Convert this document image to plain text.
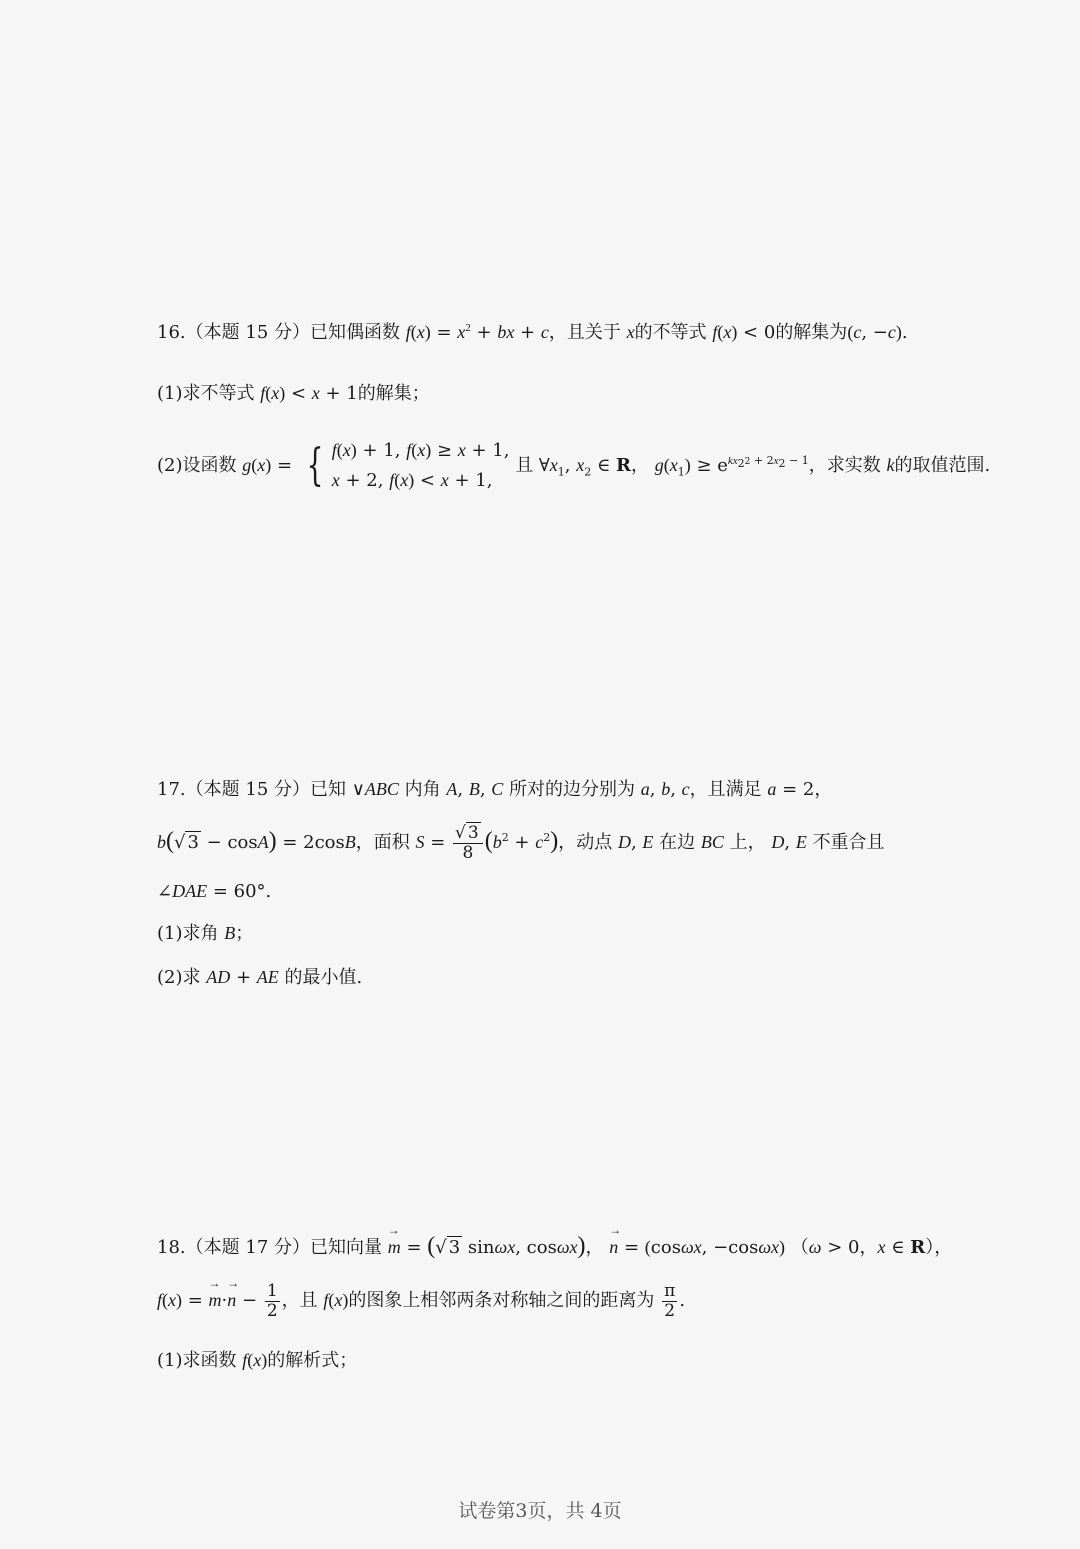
16.（本题 15 分）已知偶函数 $f(x) = x^2$ + bx + c，且关于 x的不等式 f(x) < 0的解集为(c, −c).
(1)求不等式 f(x) < x + 1的解集；
(2)设函数 g(x) = { f(x) + 1, f(x) ≥ x + 1,
x + 2, f(x) < x + 1,
且 $\forall x_1$, $x_2$ ∈ R， $g(x_1) \ge e^{kx_22 + 2x_2 - 1}$，求实数 k的取值范围.
17.（本题 15 分）已知 ∨ABC 内角 A, B, C 所对的边分别为 a, b, c，且满足 a = 2，
b(√ 3 − cosA) = 2cosB，面积 $S = \frac{√ 3}{8} (b^2 + c^2)$，动点 D, E 在边 BC 上， D, E 不重合且
∠DAE = 60°.
(1)求角 B；
(2)求 AD + AE 的最小值.
18.（本题 17 分）已知向量 → m = (√ 3 sinωx, cosωx)， → n = (cosωx, −cosωx) （ω > 0，x ∈ R），
f(x) = → $m\cdot\to n - \frac{1}{2}$ ，且 f(x)的图象上相邻两条对称轴之间的距离为 $\frac{\pi}{2}$ .
(1)求函数 f(x)的解析式；
试卷第3页，共 4页
